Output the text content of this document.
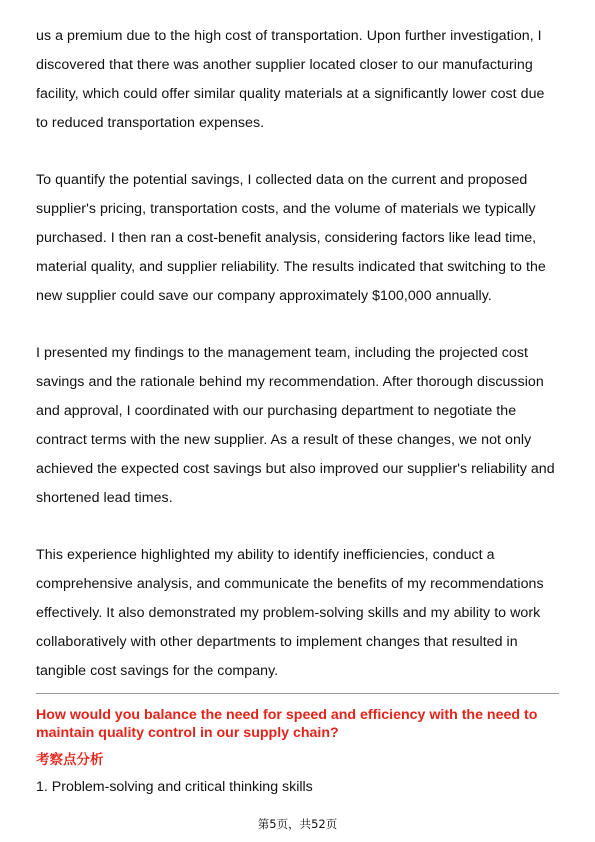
us a premium due to the high cost of transportation. Upon further investigation, I discovered that there was another supplier located closer to our manufacturing facility, which could offer similar quality materials at a significantly lower cost due to reduced transportation expenses.

To quantify the potential savings, I collected data on the current and proposed supplier's pricing, transportation costs, and the volume of materials we typically purchased. I then ran a cost-benefit analysis, considering factors like lead time, material quality, and supplier reliability. The results indicated that switching to the new supplier could save our company approximately $100,000 annually.

I presented my findings to the management team, including the projected cost savings and the rationale behind my recommendation. After thorough discussion and approval, I coordinated with our purchasing department to negotiate the contract terms with the new supplier. As a result of these changes, we not only achieved the expected cost savings but also improved our supplier's reliability and shortened lead times.

This experience highlighted my ability to identify inefficiencies, conduct a comprehensive analysis, and communicate the benefits of my recommendations effectively. It also demonstrated my problem-solving skills and my ability to work collaboratively with other departments to implement changes that resulted in tangible cost savings for the company.

How would you balance the need for speed and efficiency with the need to maintain quality control in our supply chain?

考察点分析

1. Problem-solving and critical thinking skills

第5页，共52页
